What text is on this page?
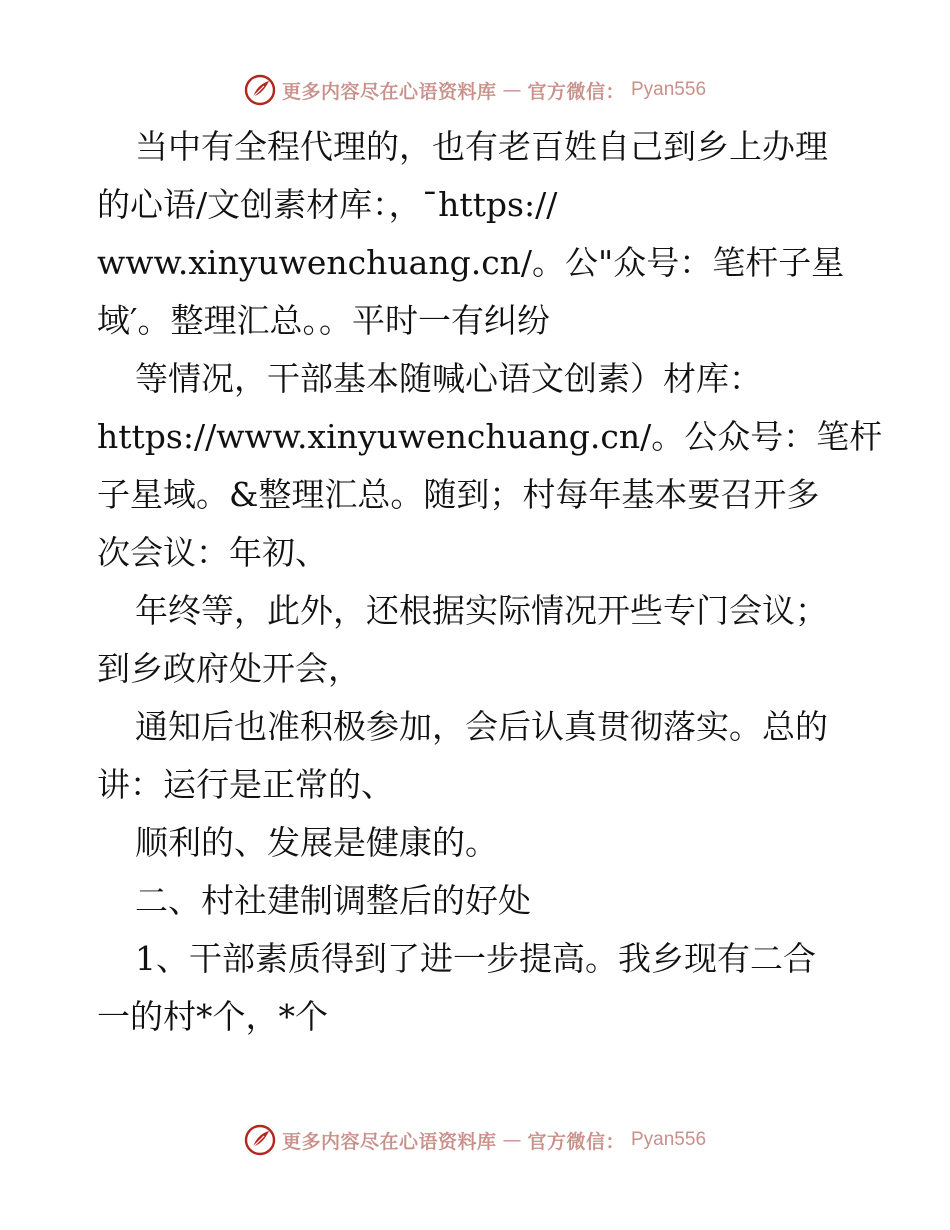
更多内容尽在心语资料库 — 官方微信： Pyan556
当中有全程代理的，也有老百姓自己到乡上办理
的心语/文创素材库：，¯https://
www.xinyuwenchuang.cn/。公"众号：笔杆子星
域′。整理汇总。。平时一有纠纷
等情况，干部基本随喊心语文创素）材库：
https://www.xinyuwenchuang.cn/。公众号：笔杆
子星域。&整理汇总。随到；村每年基本要召开多
次会议：年初、
年终等，此外，还根据实际情况开些专门会议；
到乡政府处开会，
通知后也准积极参加，会后认真贯彻落实。总的
讲：运行是正常的、
顺利的、发展是健康的。
二、村社建制调整后的好处
1、干部素质得到了进一步提高。我乡现有二合
一的村*个，*个
更多内容尽在心语资料库 — 官方微信： Pyan556
